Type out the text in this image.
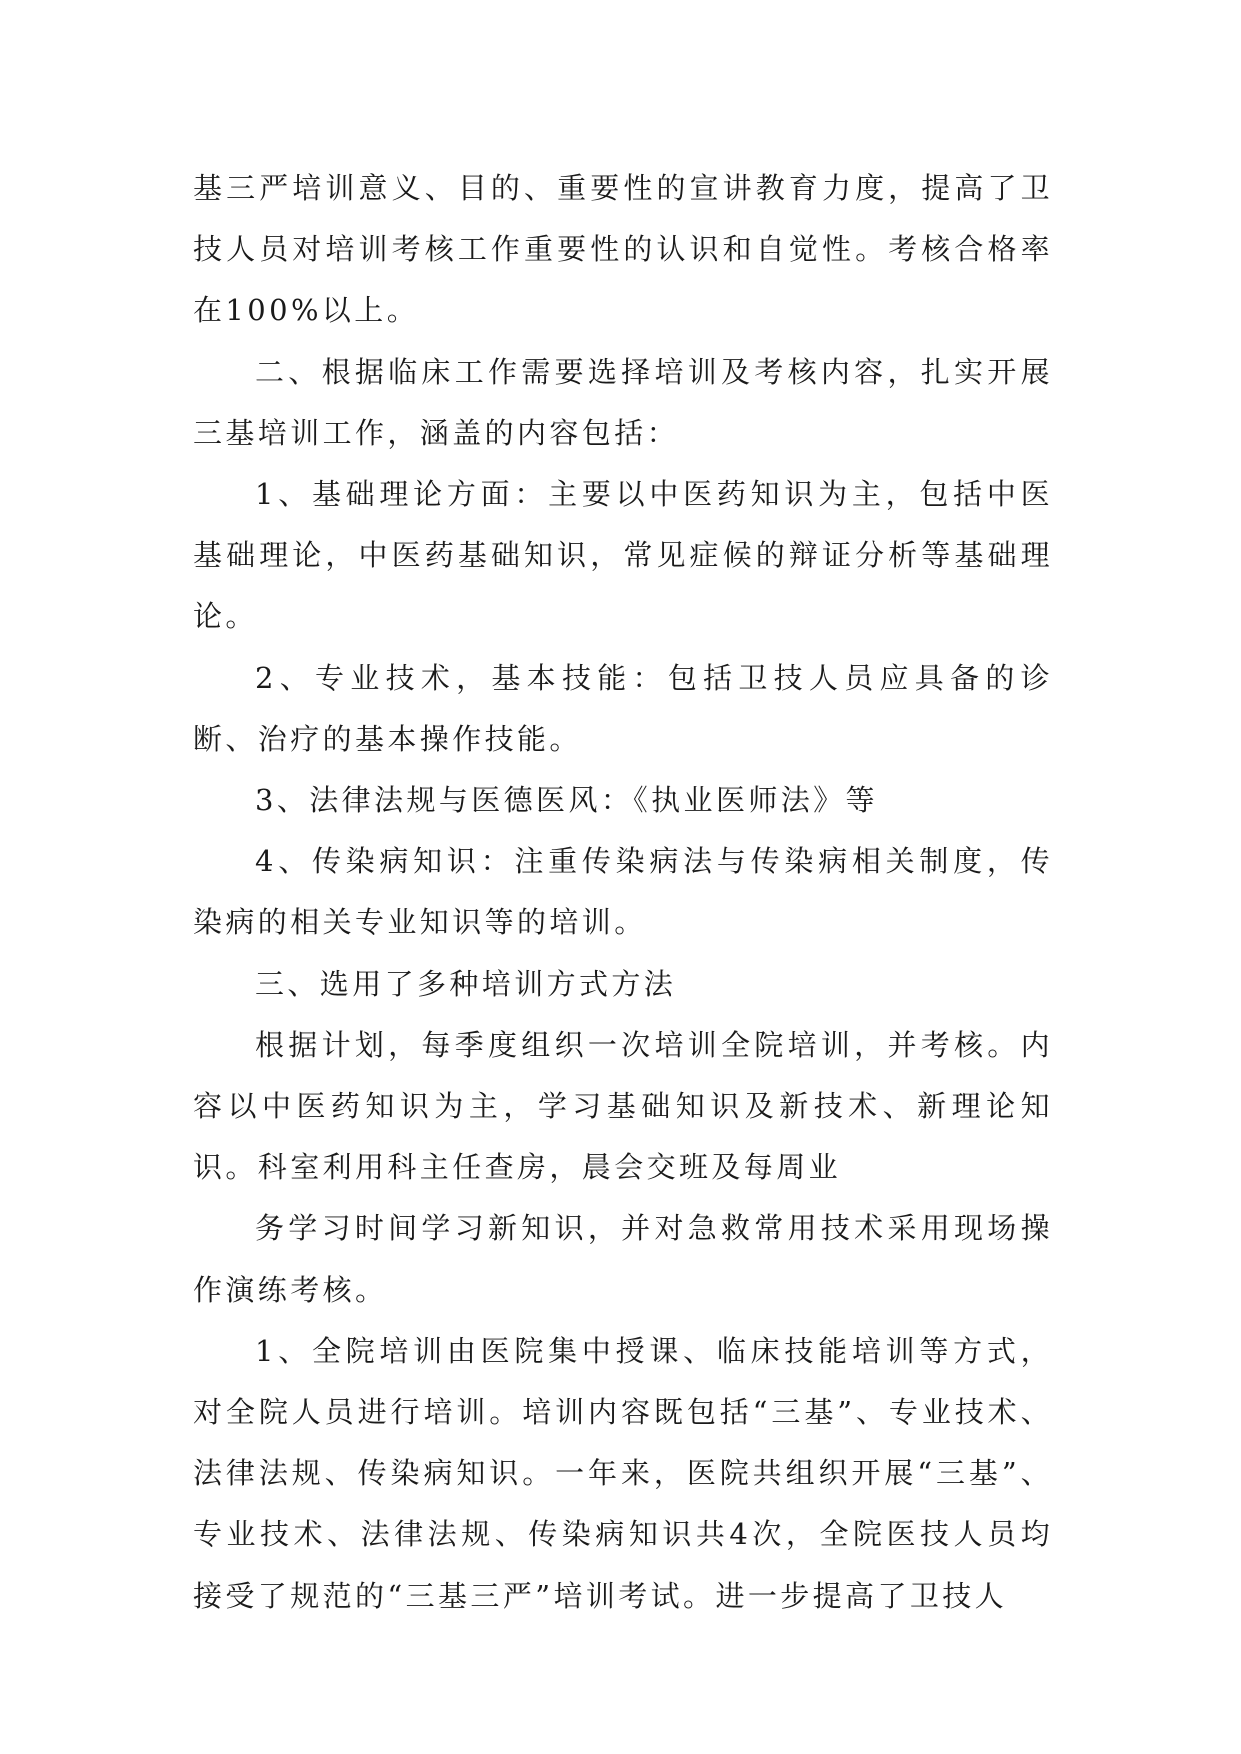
基三严培训意义、目的、重要性的宣讲教育力度，提高了卫技人员对培训考核工作重要性的认识和自觉性。考核合格率在100%以上。

二、根据临床工作需要选择培训及考核内容，扎实开展三基培训工作，涵盖的内容包括：

1、基础理论方面：主要以中医药知识为主，包括中医基础理论，中医药基础知识，常见症候的辩证分析等基础理论。

2、专业技术，基本技能：包括卫技人员应具备的诊断、治疗的基本操作技能。

3、法律法规与医德医风：《执业医师法》等

4、传染病知识：注重传染病法与传染病相关制度，传染病的相关专业知识等的培训。

三、选用了多种培训方式方法

根据计划，每季度组织一次培训全院培训，并考核。内容以中医药知识为主，学习基础知识及新技术、新理论知识。科室利用科主任查房，晨会交班及每周业

务学习时间学习新知识，并对急救常用技术采用现场操作演练考核。

1、全院培训由医院集中授课、临床技能培训等方式，对全院人员进行培训。培训内容既包括“三基”、专业技术、法律法规、传染病知识。一年来，医院共组织开展“三基”、专业技术、法律法规、传染病知识共4次，全院医技人员均接受了规范的“三基三严”培训考试。进一步提高了卫技人
